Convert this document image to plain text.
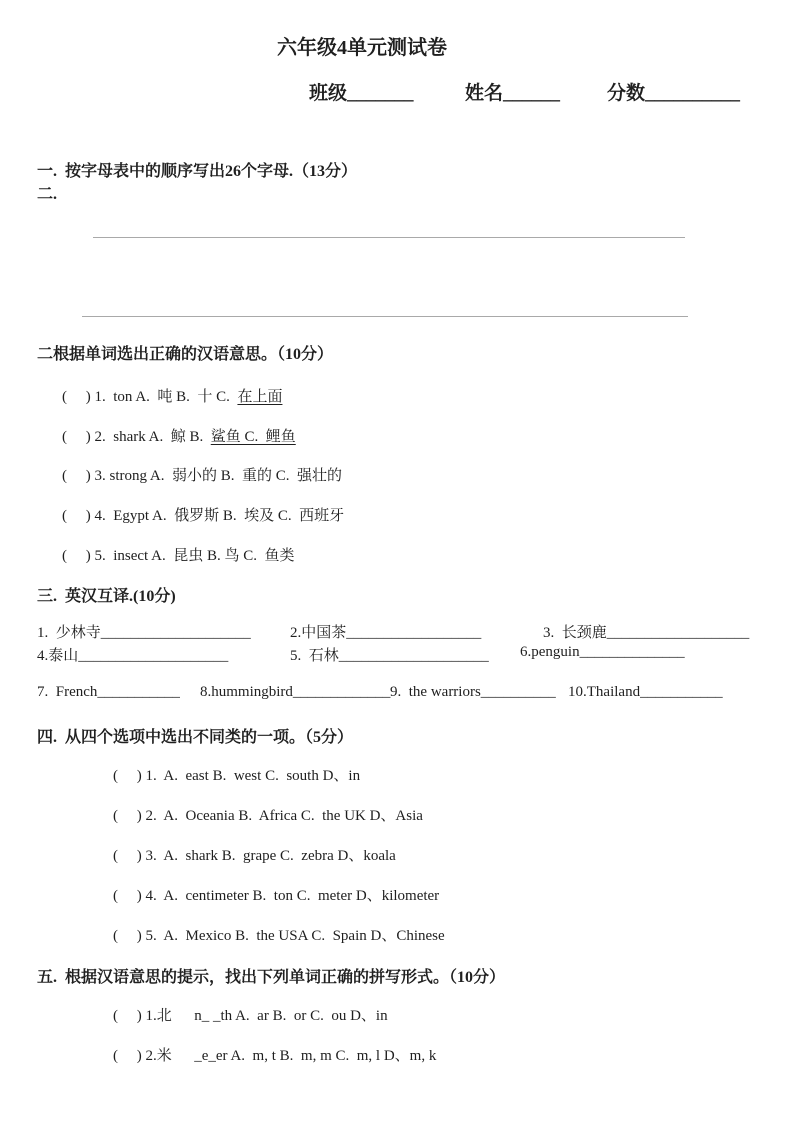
六年级4单元测试卷
班级_______	姓名______ 分数__________
一.  按字母表中的顺序写出26个字母.（13分）
二.
二根据单词选出正确的汉语意思。（10分）
(     ) 1.  ton A.  吨 B.  十 C.  在上面
(     ) 2.  shark A.  鲸 B.  鲨鱼 C.  鲤鱼
(     ) 3. strong A.  弱小的 B.  重的 C.  强壮的
(     ) 4.  Egypt A.  俄罗斯 B.  埃及 C.  西班牙
(     ) 5.  insect A.  昆虫 B. 鸟 C.  鱼类
三.  英汉互译.(10分)
1.  少林寺____________________	2.中国茶__________________	3.  长颈鹿___________________
4.泰山____________________	5.  石林____________________ 6.penguin______________
7.  French___________ 8.hummingbird_____________ 9.  the warriors__________ 10.Thailand___________
四.  从四个选项中选出不同类的一项。（5分）
(     ) 1.  A.  east B.  west C.  south D、in
(     ) 2.  A.  Oceania B.  Africa C.  the UK D、Asia
(     ) 3.  A.  shark B.  grape C.  zebra D、koala
(     ) 4.  A.  centimeter B.  ton C.  meter D、kilometer
(     ) 5.  A.  Mexico B.  the USA C.  Spain D、Chinese
五.  根据汉语意思的提示，找出下列单词正确的拼写形式。（10分）
(     ) 1.北      n_ _th A.  ar B.  or C.  ou D、in
(     ) 2.米      _e_er A.  m, t B.  m, m C.  m, l D、m, k
